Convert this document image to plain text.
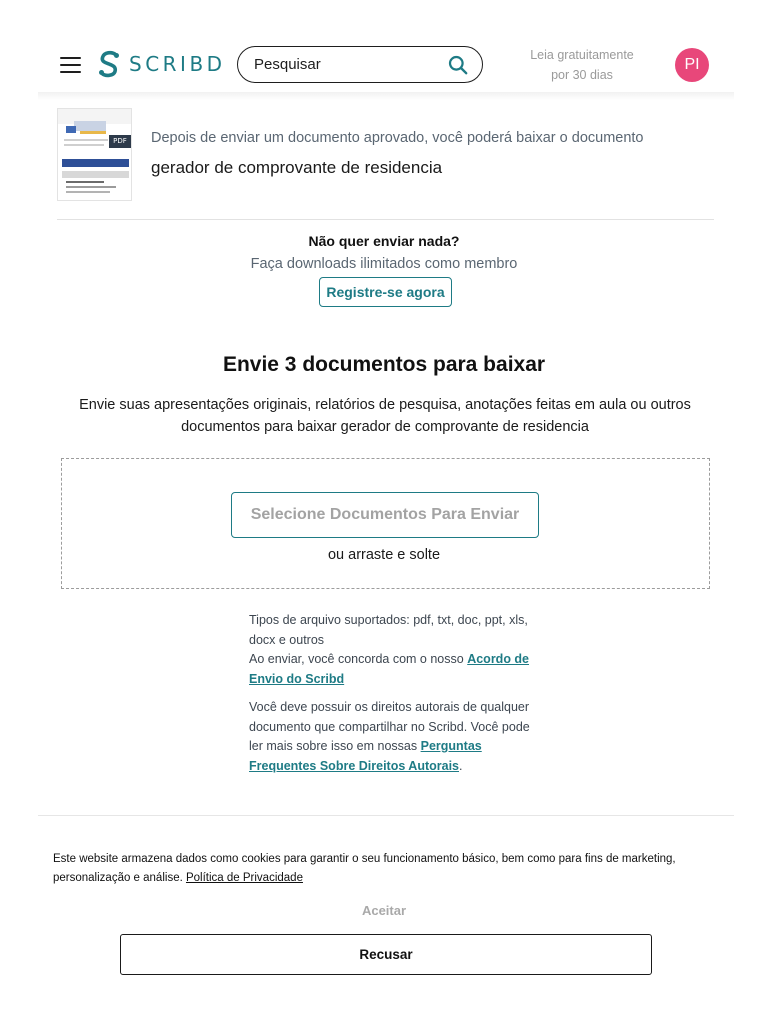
SCRIBD
Pesquisar	Leia gratuitamente
por 30 dias
PI
PDF Depois de enviar um documento aprovado, você poderá baixar o documento
gerador de comprovante de residencia
Não quer enviar nada?
Faça downloads ilimitados como membro
Registre-se agora
Envie 3 documentos para baixar
Envie suas apresentações originais, relatórios de pesquisa, anotações feitas em aula ou outros documentos para baixar gerador de comprovante de residencia
Selecione Documentos Para Enviar
ou arraste e solte
Tipos de arquivo suportados: pdf, txt, doc, ppt, xls, docx e outros
Ao enviar, você concorda com o nosso Acordo de Envio do Scribd
Você deve possuir os direitos autorais de qualquer documento que compartilhar no Scribd. Você pode ler mais sobre isso em nossas Perguntas Frequentes Sobre Direitos Autorais.
Este website armazena dados como cookies para garantir o seu funcionamento básico, bem como para fins de marketing, personalização e análise. Política de Privacidade
Aceitar
Recusar
